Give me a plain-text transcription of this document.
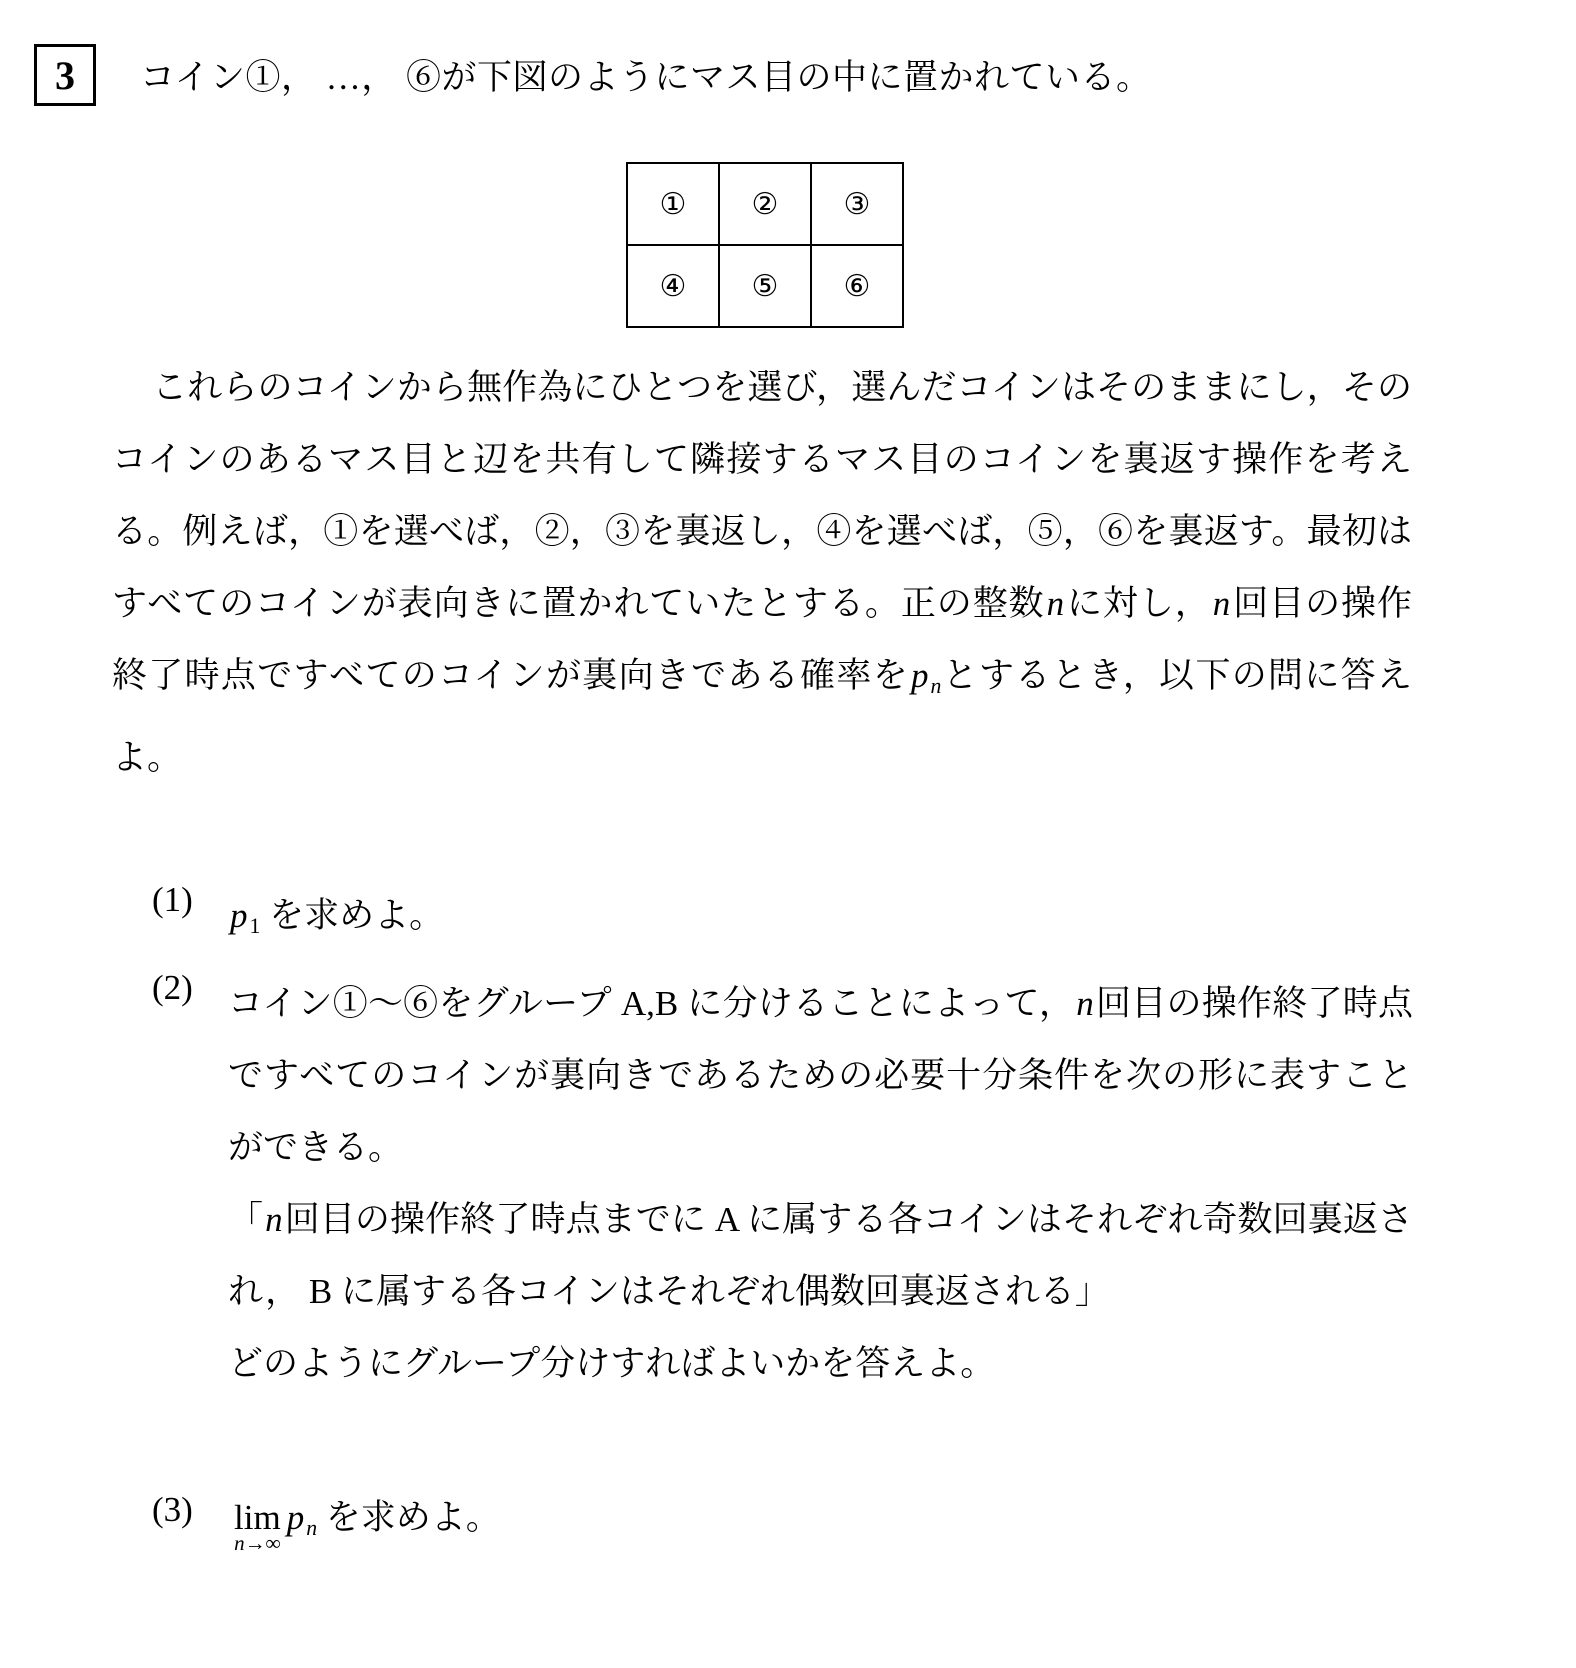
3 コイン①， …， ⑥が下図のようにマス目の中に置かれている。
①	②	③
④	⑤	⑥
これらのコインから無作為にひとつを選び，選んだコインはそのままにし，そのコインのあるマス目と辺を共有して隣接するマス目のコインを裏返す操作を考える。例えば，①を選べば，②，③を裏返し，④を選べば，⑤，⑥を裏返す。最初はすべてのコインが表向きに置かれていたとする。正の整数nに対し，n回目の操作終了時点ですべてのコインが裏向きである確率を$p_n$とするとき，以下の問に答えよ。
(1) $p_1$ を求めよ。
(2) コイン①〜⑥をグループ A,B に分けることによって，n回目の操作終了時点ですべてのコインが裏向きであるための必要十分条件を次の形に表すことができる。
「n回目の操作終了時点までに A に属する各コインはそれぞれ奇数回裏返され， B に属する各コインはそれぞれ偶数回裏返される」
どのようにグループ分けすればよいかを答えよ。
(3) lim
n→∞
$p_n$ を求めよ。
